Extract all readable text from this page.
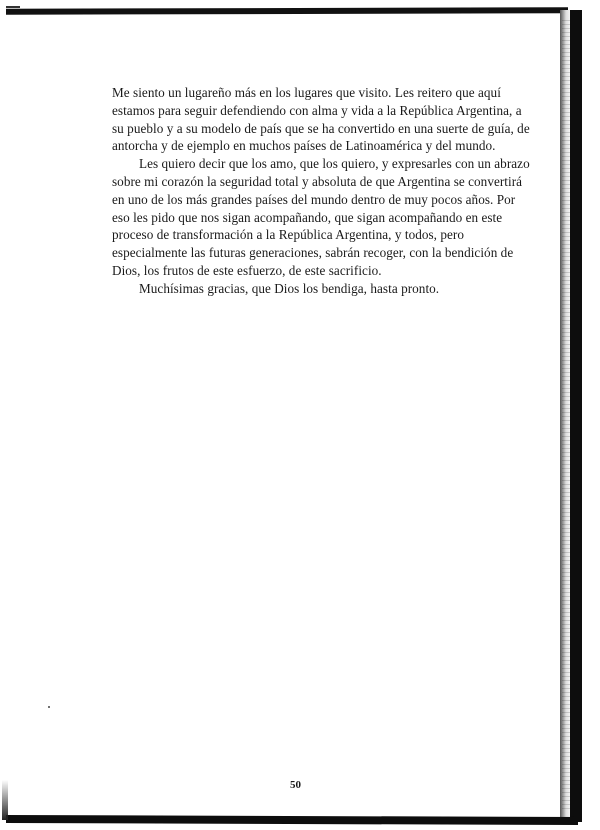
Me siento un lugareño más en los lugares que visito. Les reitero que aquí estamos para seguir defendiendo con alma y vida a la República Argentina, a su pueblo y a su modelo de país que se ha convertido en una suerte de guía, de antorcha y de ejemplo en muchos países de Latinoamérica y del mundo.

Les quiero decir que los amo, que los quiero, y expresarles con un abrazo sobre mi corazón la seguridad total y absoluta de que Argentina se convertirá en uno de los más grandes países del mundo dentro de muy pocos años. Por eso les pido que nos sigan acompañando, que sigan acompañando en este proceso de transformación a la República Argentina, y todos, pero especialmente las futuras generaciones, sabrán recoger, con la bendición de Dios, los frutos de este esfuerzo, de este sacrificio.

Muchísimas gracias, que Dios los bendiga, hasta pronto.

50
